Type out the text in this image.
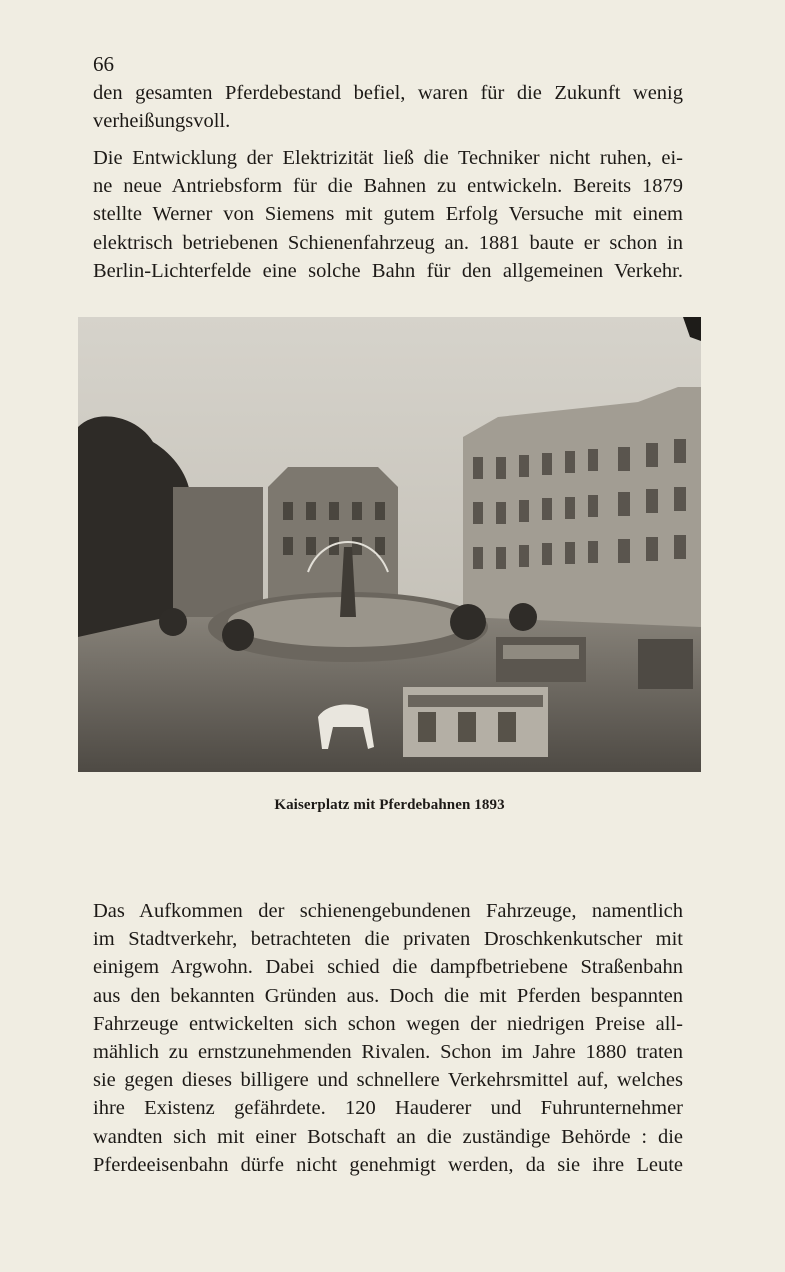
66

den gesamten Pferdebestand befiel, waren für die Zukunft wenig
verheißungsvoll.

Die Entwicklung der Elektrizität ließ die Techniker nicht ruhen, ei-
ne neue Antriebsform für die Bahnen zu entwickeln. Bereits 1879
stellte Werner von Siemens mit gutem Erfolg Versuche mit einem
elektrisch betriebenen Schienenfahrzeug an. 1881 baute er schon in
Berlin-Lichterfelde eine solche Bahn für den allgemeinen Verkehr.

Kaiserplatz mit Pferdebahnen 1893

Das Aufkommen der schienengebundenen Fahrzeuge, namentlich
im Stadtverkehr, betrachteten die privaten Droschkenkutscher mit
einigem Argwohn. Dabei schied die dampfbetriebene Straßenbahn
aus den bekannten Gründen aus. Doch die mit Pferden bespannten
Fahrzeuge entwickelten sich schon wegen der niedrigen Preise all-
mählich zu ernstzunehmenden Rivalen. Schon im Jahre 1880 traten
sie gegen dieses billigere und schnellere Verkehrsmittel auf, welches
ihre Existenz gefährdete. 120 Hauderer und Fuhrunternehmer
wandten sich mit einer Botschaft an die zuständige Behörde : die
Pferdeeisenbahn dürfe nicht genehmigt werden, da sie ihre Leute
